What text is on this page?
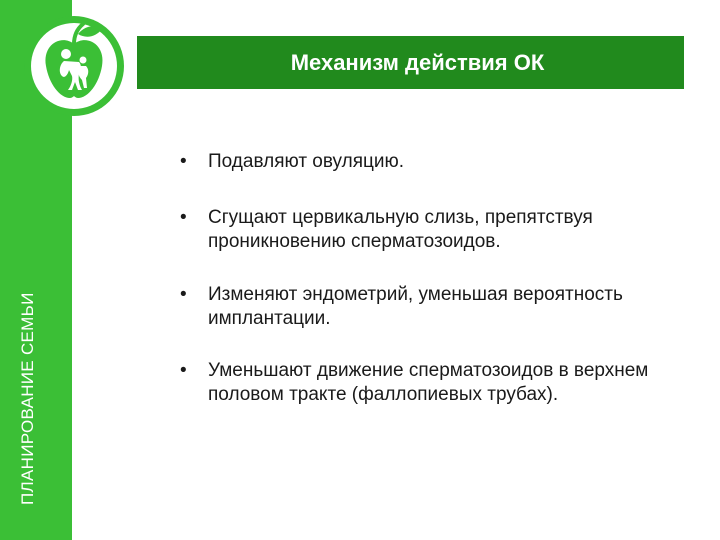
ПЛАНИРОВАНИЕ СЕМЬИ
Механизм действия ОК
• Подавляют овуляцию.
• Сгущают цервикальную слизь, препятствуя проникновению сперматозоидов.
• Изменяют эндометрий, уменьшая вероятность имплантации.
• Уменьшают движение сперматозоидов в верхнем половом тракте (фаллопиевых трубах).
